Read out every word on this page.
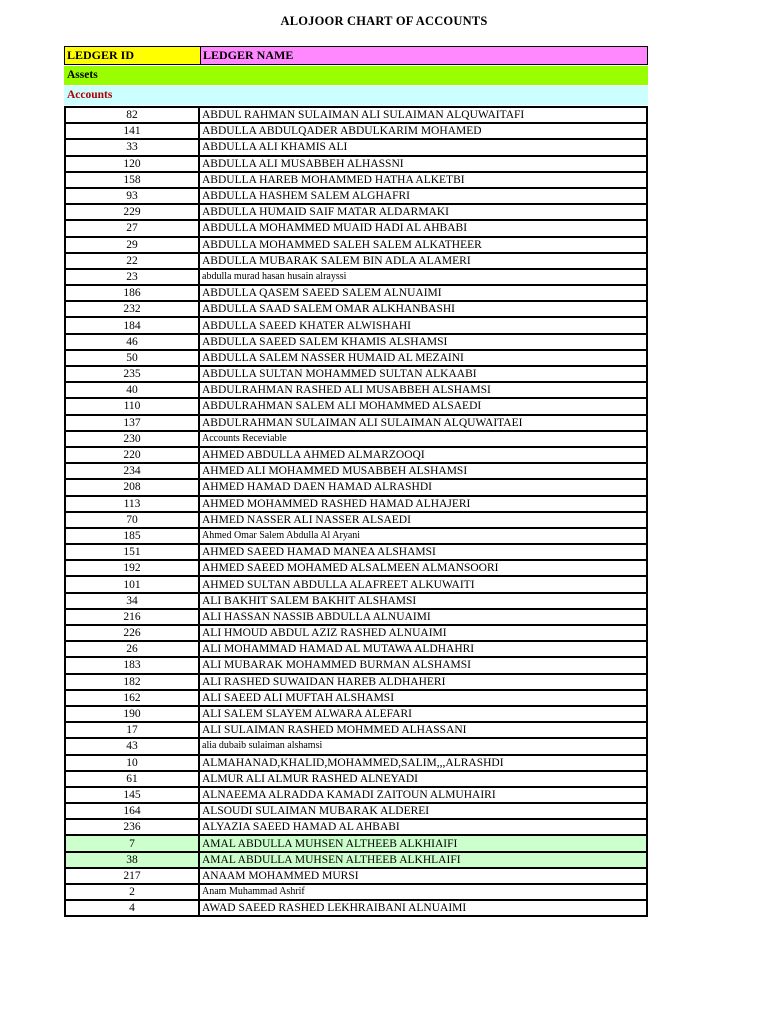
ALOJOOR CHART OF ACCOUNTS
LEDGER ID	LEDGER NAME
Assets
Accounts
82	ABDUL RAHMAN SULAIMAN ALI SULAIMAN ALQUWAITAFI
141	ABDULLA ABDULQADER ABDULKARIM MOHAMED
33	ABDULLA ALI KHAMIS ALI
120	ABDULLA ALI MUSABBEH ALHASSNI
158	ABDULLA HAREB MOHAMMED HATHA ALKETBI
93	ABDULLA HASHEM SALEM ALGHAFRI
229	ABDULLA HUMAID SAIF MATAR ALDARMAKI
27	ABDULLA MOHAMMED MUAID HADI AL AHBABI
29	ABDULLA MOHAMMED SALEH SALEM ALKATHEER
22	ABDULLA MUBARAK SALEM BIN ADLA ALAMERI
23	abdulla murad hasan husain alrayssi
186	ABDULLA QASEM SAEED SALEM ALNUAIMI
232	ABDULLA SAAD SALEM OMAR ALKHANBASHI
184	ABDULLA SAEED KHATER ALWISHAHI
46	ABDULLA SAEED SALEM KHAMIS ALSHAMSI
50	ABDULLA SALEM NASSER HUMAID AL MEZAINI
235	ABDULLA SULTAN MOHAMMED SULTAN ALKAABI
40	ABDULRAHMAN RASHED ALI MUSABBEH ALSHAMSI
110	ABDULRAHMAN SALEM ALI MOHAMMED ALSAEDI
137	ABDULRAHMAN SULAIMAN ALI SULAIMAN ALQUWAITAEI
230	Accounts Receviable
220	AHMED ABDULLA AHMED ALMARZOOQI
234	AHMED ALI MOHAMMED MUSABBEH ALSHAMSI
208	AHMED HAMAD DAEN HAMAD ALRASHDI
113	AHMED MOHAMMED RASHED HAMAD ALHAJERI
70	AHMED NASSER ALI NASSER ALSAEDI
185	Ahmed Omar Salem Abdulla Al Aryani
151	AHMED SAEED HAMAD MANEA ALSHAMSI
192	AHMED SAEED MOHAMED ALSALMEEN ALMANSOORI
101	AHMED SULTAN ABDULLA ALAFREET ALKUWAITI
34	ALI BAKHIT SALEM BAKHIT ALSHAMSI
216	ALI HASSAN NASSIB ABDULLA ALNUAIMI
226	ALI HMOUD ABDUL AZIZ RASHED ALNUAIMI
26	ALI MOHAMMAD HAMAD AL MUTAWA ALDHAHRI
183	ALI MUBARAK MOHAMMED BURMAN ALSHAMSI
182	ALI RASHED SUWAIDAN HAREB ALDHAHERI
162	ALI SAEED ALI MUFTAH ALSHAMSI
190	ALI SALEM SLAYEM ALWARA ALEFARI
17	ALI SULAIMAN RASHED MOHMMED ALHASSANI
43	alia dubaib sulaiman alshamsi
10	ALMAHANAD,KHALID,MOHAMMED,SALIM,,,ALRASHDI
61	ALMUR ALI ALMUR RASHED ALNEYADI
145	ALNAEEMA ALRADDA KAMADI ZAITOUN ALMUHAIRI
164	ALSOUDI SULAIMAN MUBARAK ALDEREI
236	ALYAZIA SAEED HAMAD AL AHBABI
7	AMAL ABDULLA MUHSEN ALTHEEB ALKHIAIFI
38	AMAL ABDULLA MUHSEN ALTHEEB ALKHLAIFI
217	ANAAM MOHAMMED MURSI
2	Anam Muhammad Ashrif
4	AWAD SAEED RASHED LEKHRAIBANI ALNUAIMI
